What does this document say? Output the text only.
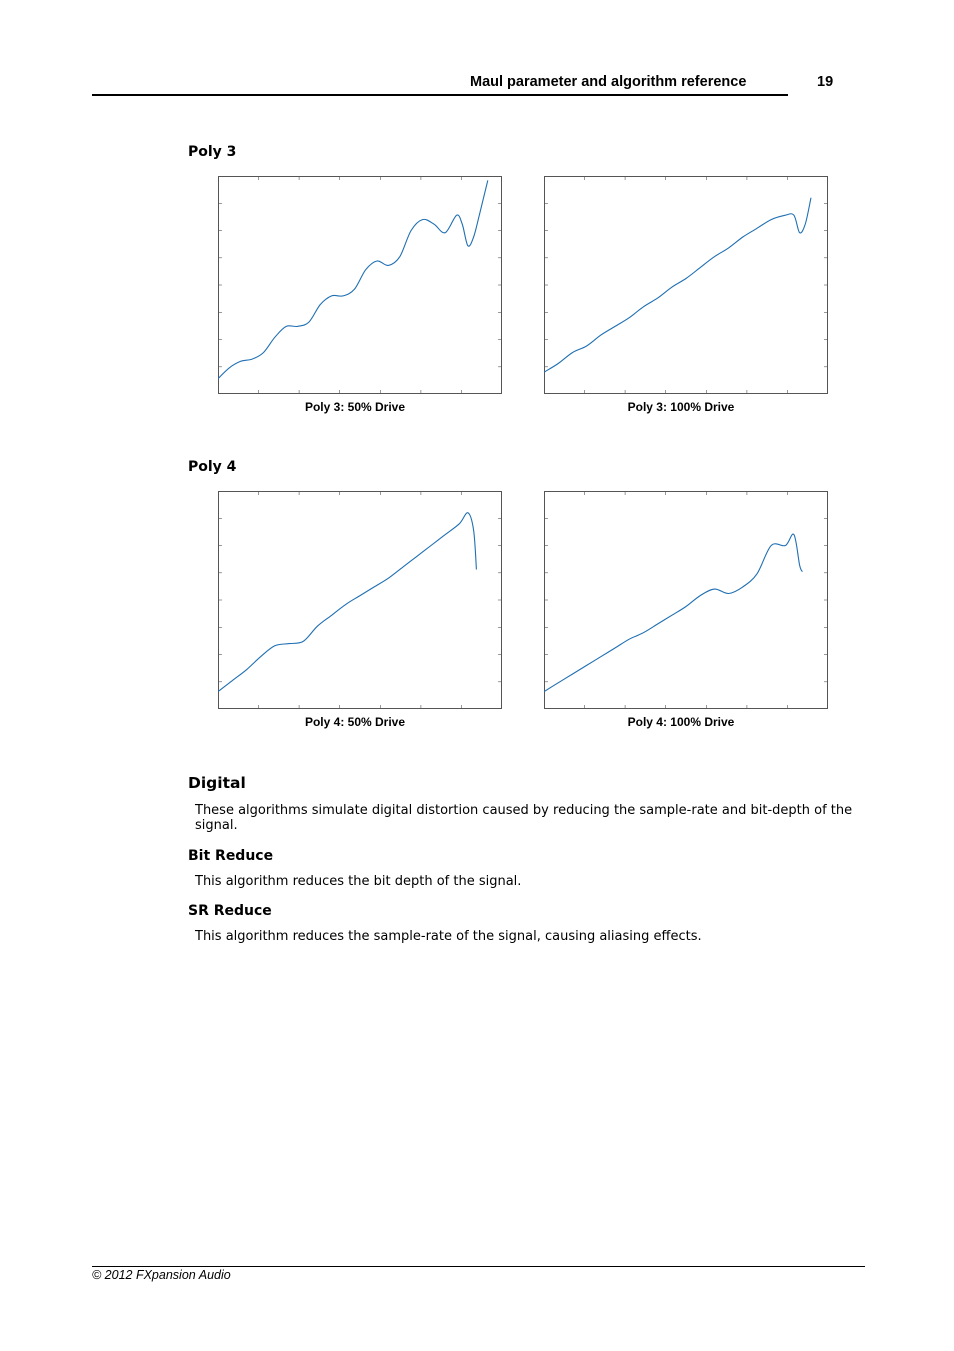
Maul parameter and algorithm reference	19
Poly 3
Poly 3: 50% Drive	Poly 3: 100% Drive
Poly 4
Poly 4: 50% Drive	Poly 4: 100% Drive
Digital
These algorithms simulate digital distortion caused by reducing the sample-rate and bit-depth of the signal.
Bit Reduce
This algorithm reduces the bit depth of the signal.
SR Reduce
This algorithm reduces the sample-rate of the signal, causing aliasing effects.
© 2012 FXpansion Audio
